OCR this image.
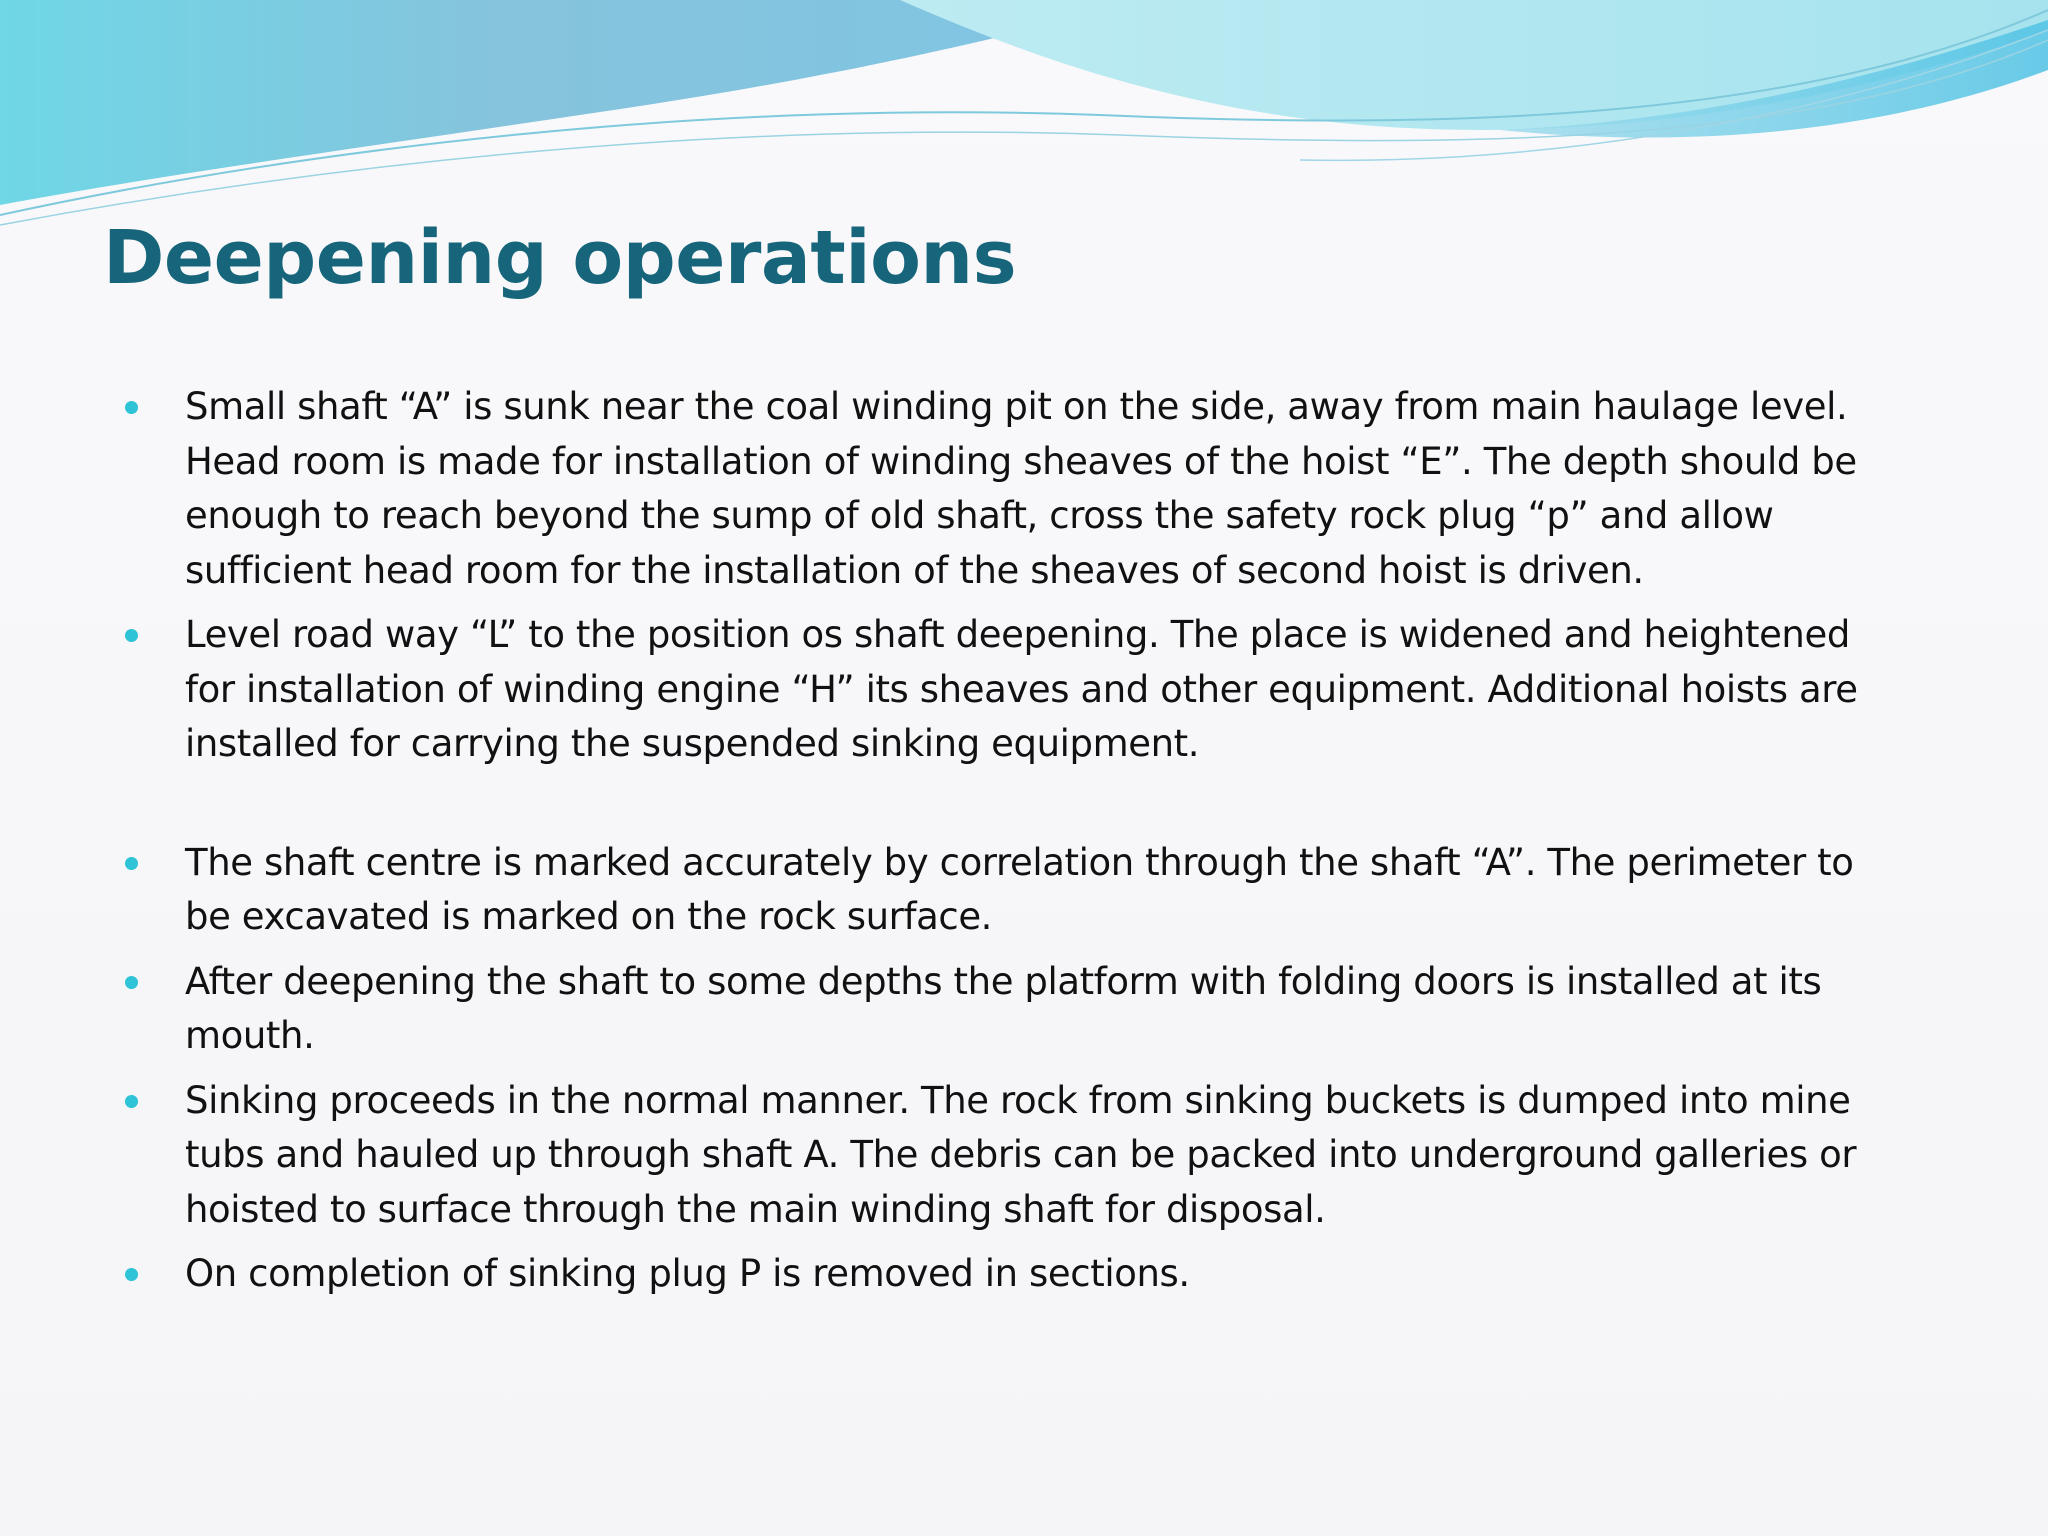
Deepening operations
Small shaft “A” is sunk near the coal winding pit on the side, away from main haulage level. Head room is made for installation of winding sheaves of the hoist “E”. The depth should be enough to reach beyond the sump of old shaft, cross the safety rock plug “p” and allow sufficient head room for the installation of the sheaves of second hoist is driven.
Level road way “L” to the position os shaft deepening. The place is widened and heightened for installation of winding engine “H” its sheaves and other equipment. Additional hoists are installed for carrying the suspended sinking equipment.
The shaft centre is marked accurately by correlation through the shaft “A”. The perimeter to be excavated is marked on the rock surface.
After deepening the shaft to some depths the platform with folding doors is installed at its mouth.
Sinking proceeds in the normal manner. The rock from sinking buckets is dumped into mine tubs and hauled up through shaft A. The debris can be packed into underground galleries or hoisted to surface through the main winding shaft for disposal.
On completion of sinking plug P is removed in sections.
